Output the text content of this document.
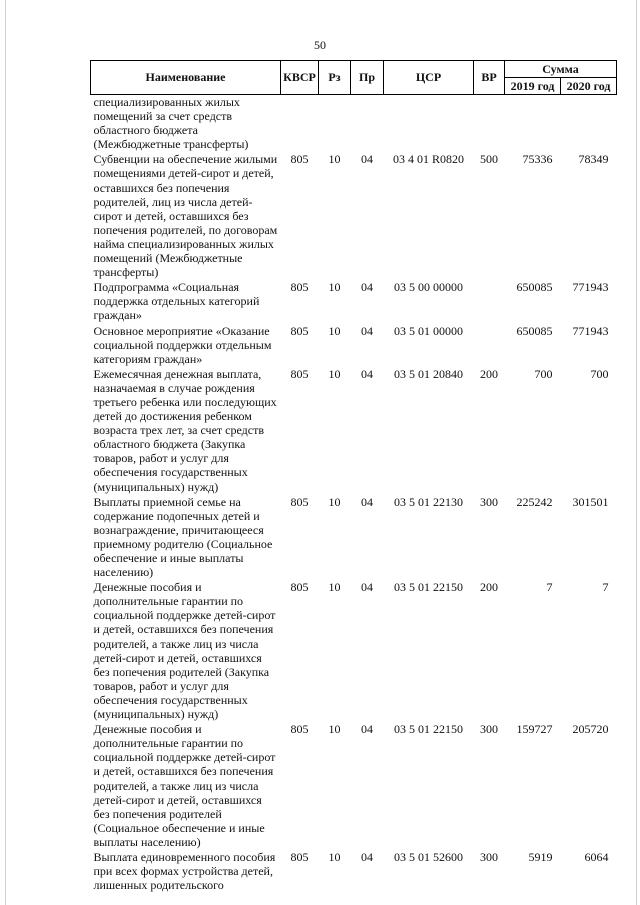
50
Наименование	КВСР	Рз	Пр	ЦСР	ВР	Сумма	
						2019 год	2020 год
специализированных жилых помещений за счет средств областного бюджета (Межбюджетные трансферты)							
Субвенции на обеспечение жилыми помещениями детей-сирот и детей, оставшихся без попечения родителей, лиц из числа детей-сирот и детей, оставшихся без попечения родителей, по договорам найма специализированных жилых помещений (Межбюджетные трансферты)	805	10	04	03 4 01 R0820	500	75336	78349
Подпрограмма «Социальная поддержка отдельных категорий граждан»	805	10	04	03 5 00 00000		650085	771943
Основное мероприятие «Оказание социальной поддержки отдельным категориям граждан»	805	10	04	03 5 01 00000		650085	771943
Ежемесячная денежная выплата, назначаемая в случае рождения третьего ребенка или последующих детей до достижения ребенком возраста трех лет, за счет средств областного бюджета (Закупка товаров, работ и услуг для обеспечения государственных (муниципальных) нужд)	805	10	04	03 5 01 20840	200	700	700
Выплаты приемной семье на содержание подопечных детей и вознаграждение, причитающееся приемному родителю (Социальное обеспечение и иные выплаты населению)	805	10	04	03 5 01 22130	300	225242	301501
Денежные пособия и дополнительные гарантии по социальной поддержке детей-сирот и детей, оставшихся без попечения родителей, а также лиц из числа детей-сирот и детей, оставшихся без попечения родителей (Закупка товаров, работ и услуг для обеспечения государственных (муниципальных) нужд)	805	10	04	03 5 01 22150	200	7	7
Денежные пособия и дополнительные гарантии по социальной поддержке детей-сирот и детей, оставшихся без попечения родителей, а также лиц из числа детей-сирот и детей, оставшихся без попечения родителей (Социальное обеспечение и иные выплаты населению)	805	10	04	03 5 01 22150	300	159727	205720
Выплата единовременного пособия при всех формах устройства детей, лишенных родительского	805	10	04	03 5 01 52600	300	5919	6064
